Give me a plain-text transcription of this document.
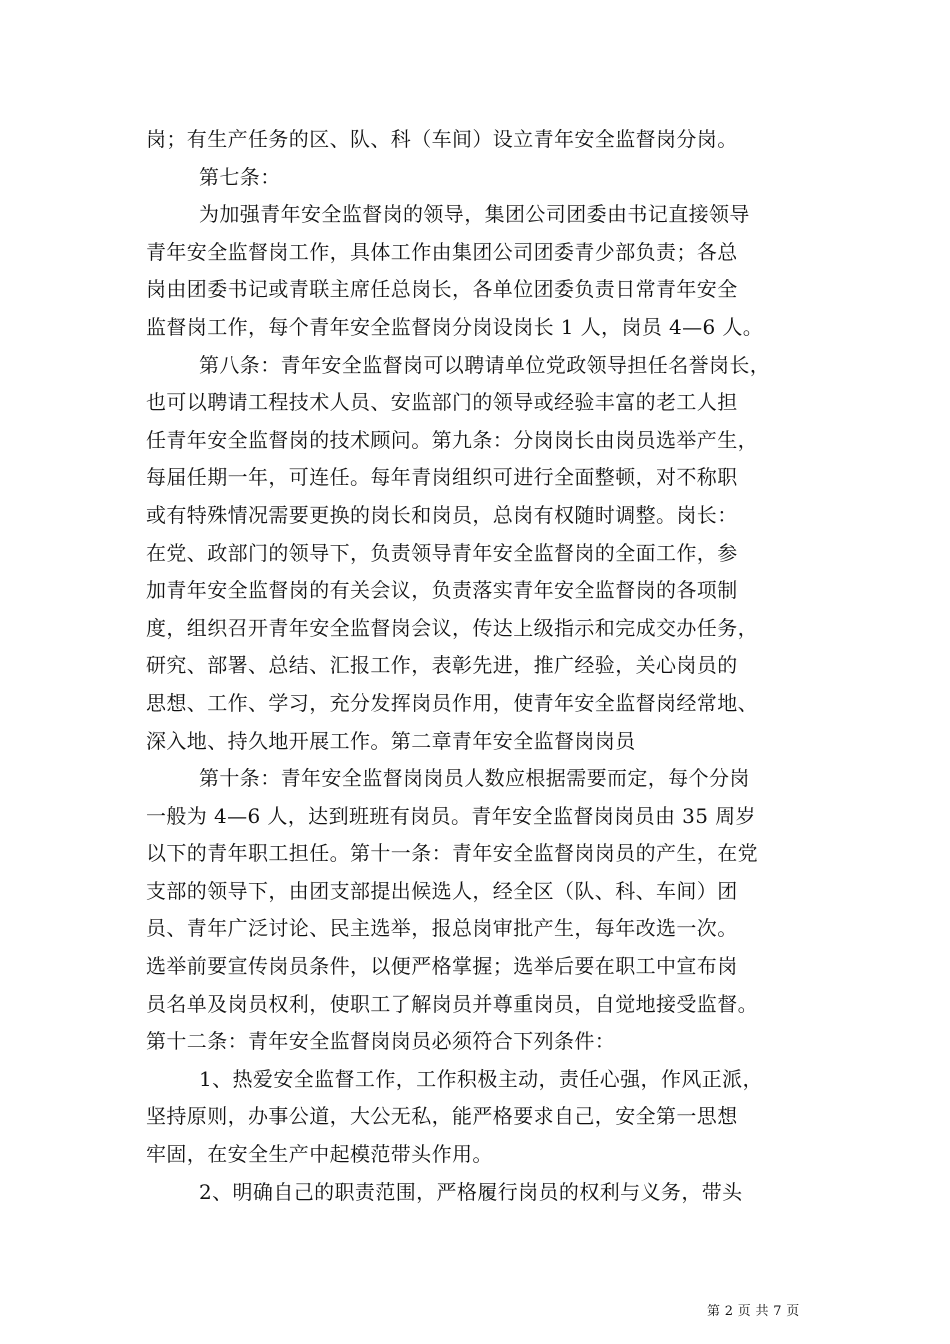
岗；有生产任务的区、队、科（车间）设立青年安全监督岗分岗。
第七条：
为加强青年安全监督岗的领导，集团公司团委由书记直接领导
青年安全监督岗工作，具体工作由集团公司团委青少部负责；各总
岗由团委书记或青联主席任总岗长，各单位团委负责日常青年安全
监督岗工作，每个青年安全监督岗分岗设岗长 1 人，岗员 4—6 人。
第八条：青年安全监督岗可以聘请单位党政领导担任名誉岗长，
也可以聘请工程技术人员、安监部门的领导或经验丰富的老工人担
任青年安全监督岗的技术顾问。第九条：分岗岗长由岗员选举产生，
每届任期一年，可连任。每年青岗组织可进行全面整顿，对不称职
或有特殊情况需要更换的岗长和岗员，总岗有权随时调整。岗长：
在党、政部门的领导下，负责领导青年安全监督岗的全面工作，参
加青年安全监督岗的有关会议，负责落实青年安全监督岗的各项制
度，组织召开青年安全监督岗会议，传达上级指示和完成交办任务，
研究、部署、总结、汇报工作，表彰先进，推广经验，关心岗员的
思想、工作、学习，充分发挥岗员作用，使青年安全监督岗经常地、
深入地、持久地开展工作。第二章青年安全监督岗岗员
第十条：青年安全监督岗岗员人数应根据需要而定，每个分岗
一般为 4—6 人，达到班班有岗员。青年安全监督岗岗员由 35 周岁
以下的青年职工担任。第十一条：青年安全监督岗岗员的产生，在党
支部的领导下，由团支部提出候选人，经全区（队、科、车间）团
员、青年广泛讨论、民主选举，报总岗审批产生，每年改选一次。
选举前要宣传岗员条件，以便严格掌握；选举后要在职工中宣布岗
员名单及岗员权利，使职工了解岗员并尊重岗员，自觉地接受监督。
第十二条：青年安全监督岗岗员必须符合下列条件：
1、热爱安全监督工作，工作积极主动，责任心强，作风正派，
坚持原则，办事公道，大公无私，能严格要求自己，安全第一思想
牢固，在安全生产中起模范带头作用。
2、明确自己的职责范围，严格履行岗员的权利与义务，带头
第 2 页 共 7 页
